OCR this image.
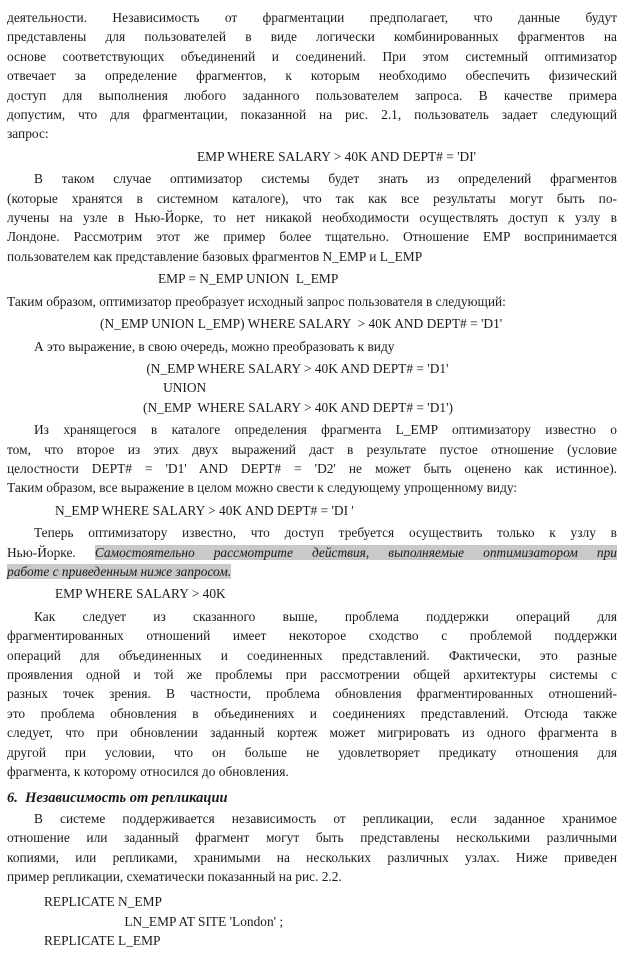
деятельности. Независимость от фрагментации предполагает, что данные будут
представлены для пользователей в виде логически комбинированных фрагментов на
основе соответствующих объединений и соединений. При этом системный оптимизатор
отвечает за определение фрагментов, к которым необходимо обеспечить физический
доступ для выполнения любого заданного пользователем запроса. В качестве примера
допустим, что для фрагментации, показанной на рис. 2.1, пользователь задает следующий
запрос:
EMP WHERE SALARY > 40K AND DEPT# = 'DI'
В таком случае оптимизатор системы будет знать из определений фрагментов
(которые хранятся в системном каталоге), что так как все результаты могут быть по-
лучены на узле в Нью-Йорке, то нет никакой необходимости осуществлять доступ к узлу в
Лондоне. Рассмотрим этот же пример более тщательно. Отношение EMP воспринимается
пользователем как представление базовых фрагментов N_EMP и L_EMP
EMP = N_EMP UNION  L_EMP
Таким образом, оптимизатор преобразует исходный запрос пользователя в следующий:
(N_EMP UNION L_EMP) WHERE SALARY  > 40K AND DEPT# = 'D1'
А это выражение, в свою очередь, можно преобразовать к виду
(N_EMP WHERE SALARY > 40K AND DEPT# = 'D1'
UNION
(N_EMP  WHERE SALARY > 40K AND DEPT# = 'D1')
Из хранящегося в каталоге определения фрагмента L_EMP оптимизатору известно о
том, что второе из этих двух выражений даст в результате пустое отношение (условие
целостности DEPT# = 'D1' AND DEPT# = 'D2' не может быть оценено как истинное).
Таким образом, все выражение в целом можно свести к следующему упрощенному виду:
N_EMP WHERE SALARY > 40K AND DEPT# = 'DI '
Теперь оптимизатору известно, что доступ требуется осуществить только к узлу в
Нью-Йорке. Самостоятельно рассмотрите действия, выполняемые оптимизатором при
работе с приведенным ниже запросом.
EMP WHERE SALARY > 40K
Как следует из сказанного выше, проблема поддержки операций для
фрагментированных отношений имеет некоторое сходство с проблемой поддержки
операций для объединенных и соединенных представлений. Фактически, это разные
проявления одной и той же проблемы при рассмотрении общей архитектуры системы с
разных точек зрения. В частности, проблема обновления фрагментированных отношений-
это проблема обновления в объединениях и соединениях представлений. Отсюда также
следует, что при обновлении заданный кортеж может мигрировать из одного фрагмента в
другой при условии, что он больше не удовлетворяет предикату отношения для
фрагмента, к которому относился до обновления.
6.  Независимость от репликации
В системе поддерживается независимость от репликации, если заданное хранимое
отношение или заданный фрагмент могут быть представлены несколькими различными
копиями, или репликами, хранимыми на нескольких различных узлах. Ниже приведен
пример репликации, схематически показанный на рис. 2.2.
REPLICATE N_EMP
LN_EMP AT SITE 'London' ;
REPLICATE L_EMP
